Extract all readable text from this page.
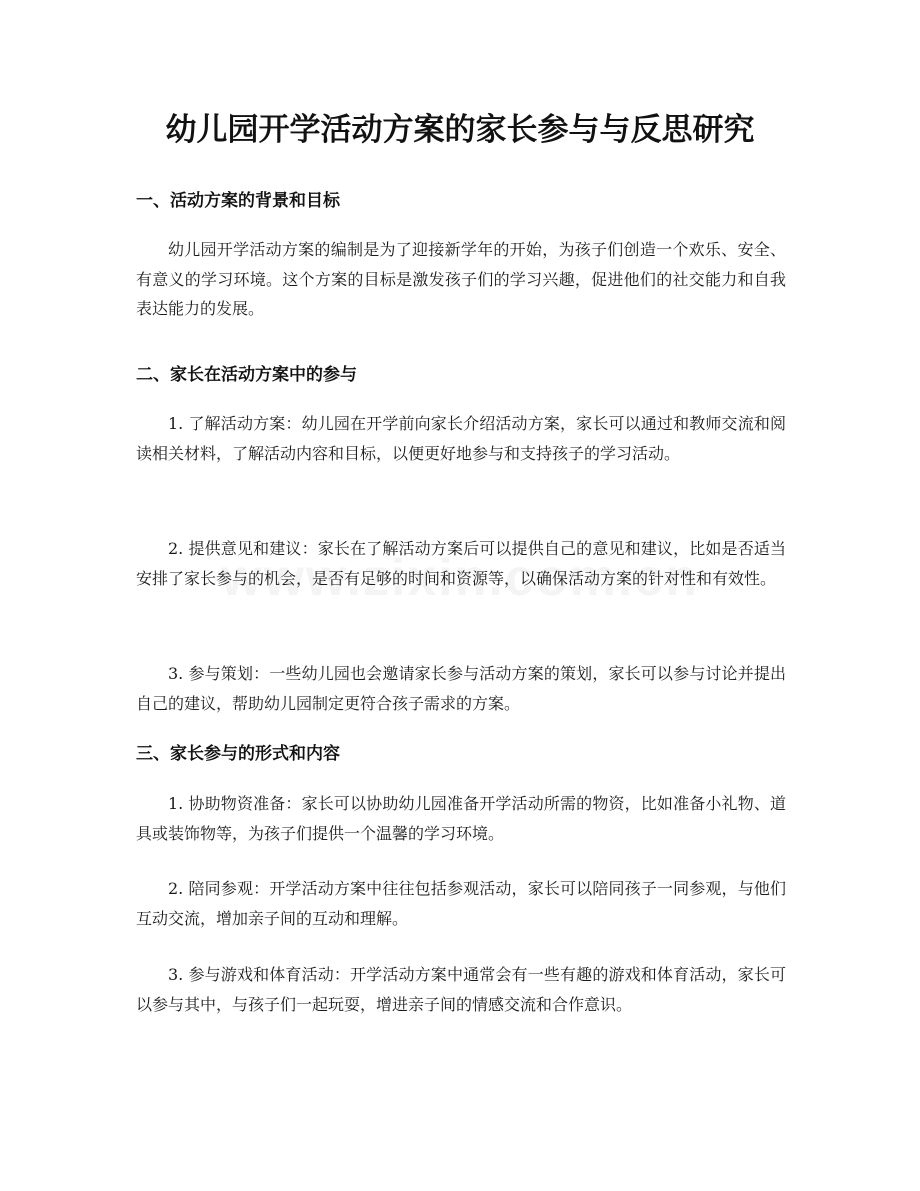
幼儿园开学活动方案的家长参与与反思研究
一、活动方案的背景和目标

幼儿园开学活动方案的编制是为了迎接新学年的开始，为孩子们创造一个欢乐、安全、有意义的学习环境。这个方案的目标是激发孩子们的学习兴趣，促进他们的社交能力和自我表达能力的发展。

二、家长在活动方案中的参与

1. 了解活动方案：幼儿园在开学前向家长介绍活动方案，家长可以通过和教师交流和阅读相关材料，了解活动内容和目标，以便更好地参与和支持孩子的学习活动。

2. 提供意见和建议：家长在了解活动方案后可以提供自己的意见和建议，比如是否适当安排了家长参与的机会，是否有足够的时间和资源等，以确保活动方案的针对性和有效性。

3. 参与策划：一些幼儿园也会邀请家长参与活动方案的策划，家长可以参与讨论并提出自己的建议，帮助幼儿园制定更符合孩子需求的方案。

三、家长参与的形式和内容

1. 协助物资准备：家长可以协助幼儿园准备开学活动所需的物资，比如准备小礼物、道具或装饰物等，为孩子们提供一个温馨的学习环境。

2. 陪同参观：开学活动方案中往往包括参观活动，家长可以陪同孩子一同参观，与他们互动交流，增加亲子间的互动和理解。

3. 参与游戏和体育活动：开学活动方案中通常会有一些有趣的游戏和体育活动，家长可以参与其中，与孩子们一起玩耍，增进亲子间的情感交流和合作意识。
